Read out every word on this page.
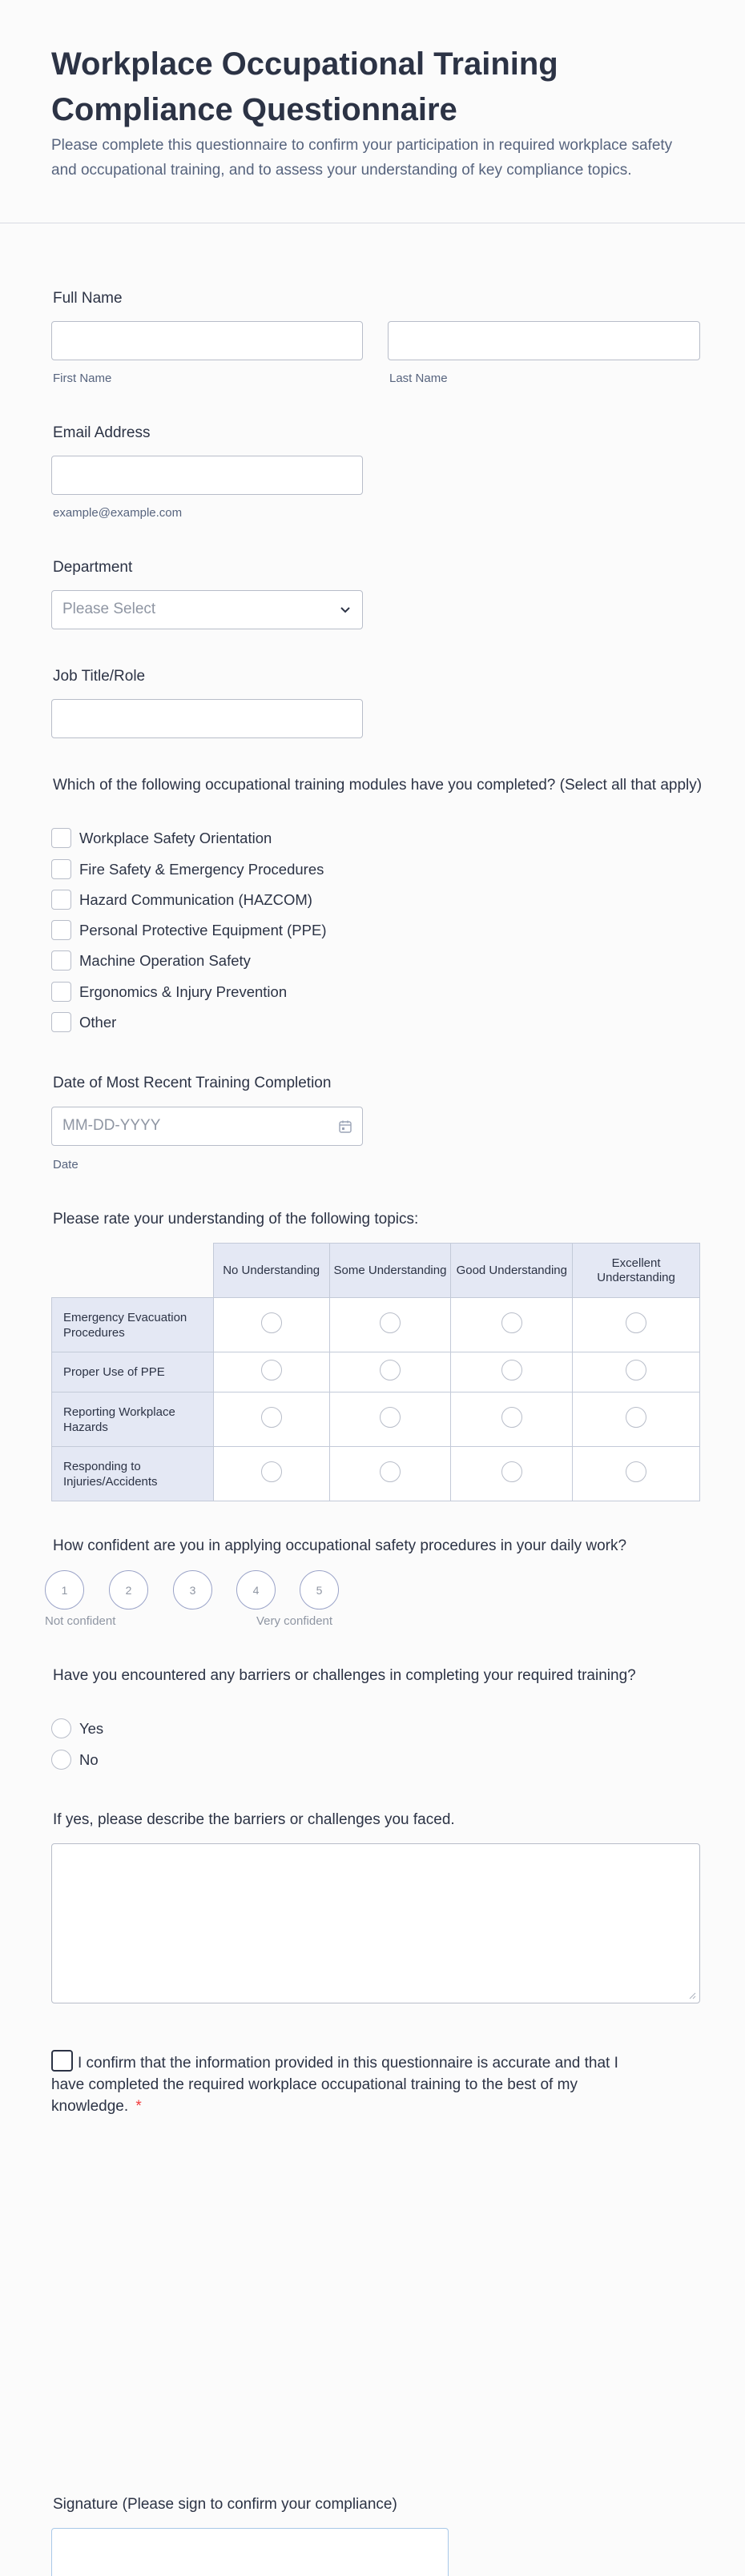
Workplace Occupational Training Compliance Questionnaire

Please complete this questionnaire to confirm your participation in required workplace safety and occupational training, and to assess your understanding of key compliance topics.

Full Name
First Name	Last Name
Email Address
example@example.com
Department
Please Select
Job Title/Role
Which of the following occupational training modules have you completed? (Select all that apply)
Workplace Safety Orientation
Fire Safety & Emergency Procedures
Hazard Communication (HAZCOM)
Personal Protective Equipment (PPE)
Machine Operation Safety
Ergonomics & Injury Prevention
Other
Date of Most Recent Training Completion
MM-DD-YYYY
Date
Please rate your understanding of the following topics:
	No Understanding	Some Understanding	Good Understanding	Excellent Understanding
Emergency Evacuation Procedures				
Proper Use of PPE				
Reporting Workplace Hazards				
Responding to Injuries/Accidents				
How confident are you in applying occupational safety procedures in your daily work?
1	2	3	4	5
Not confident	Very confident
Have you encountered any barriers or challenges in completing your required training?
Yes
No
If yes, please describe the barriers or challenges you faced.
I confirm that the information provided in this questionnaire is accurate and that I have completed the required workplace occupational training to the best of my knowledge. *
Signature (Please sign to confirm your compliance)
